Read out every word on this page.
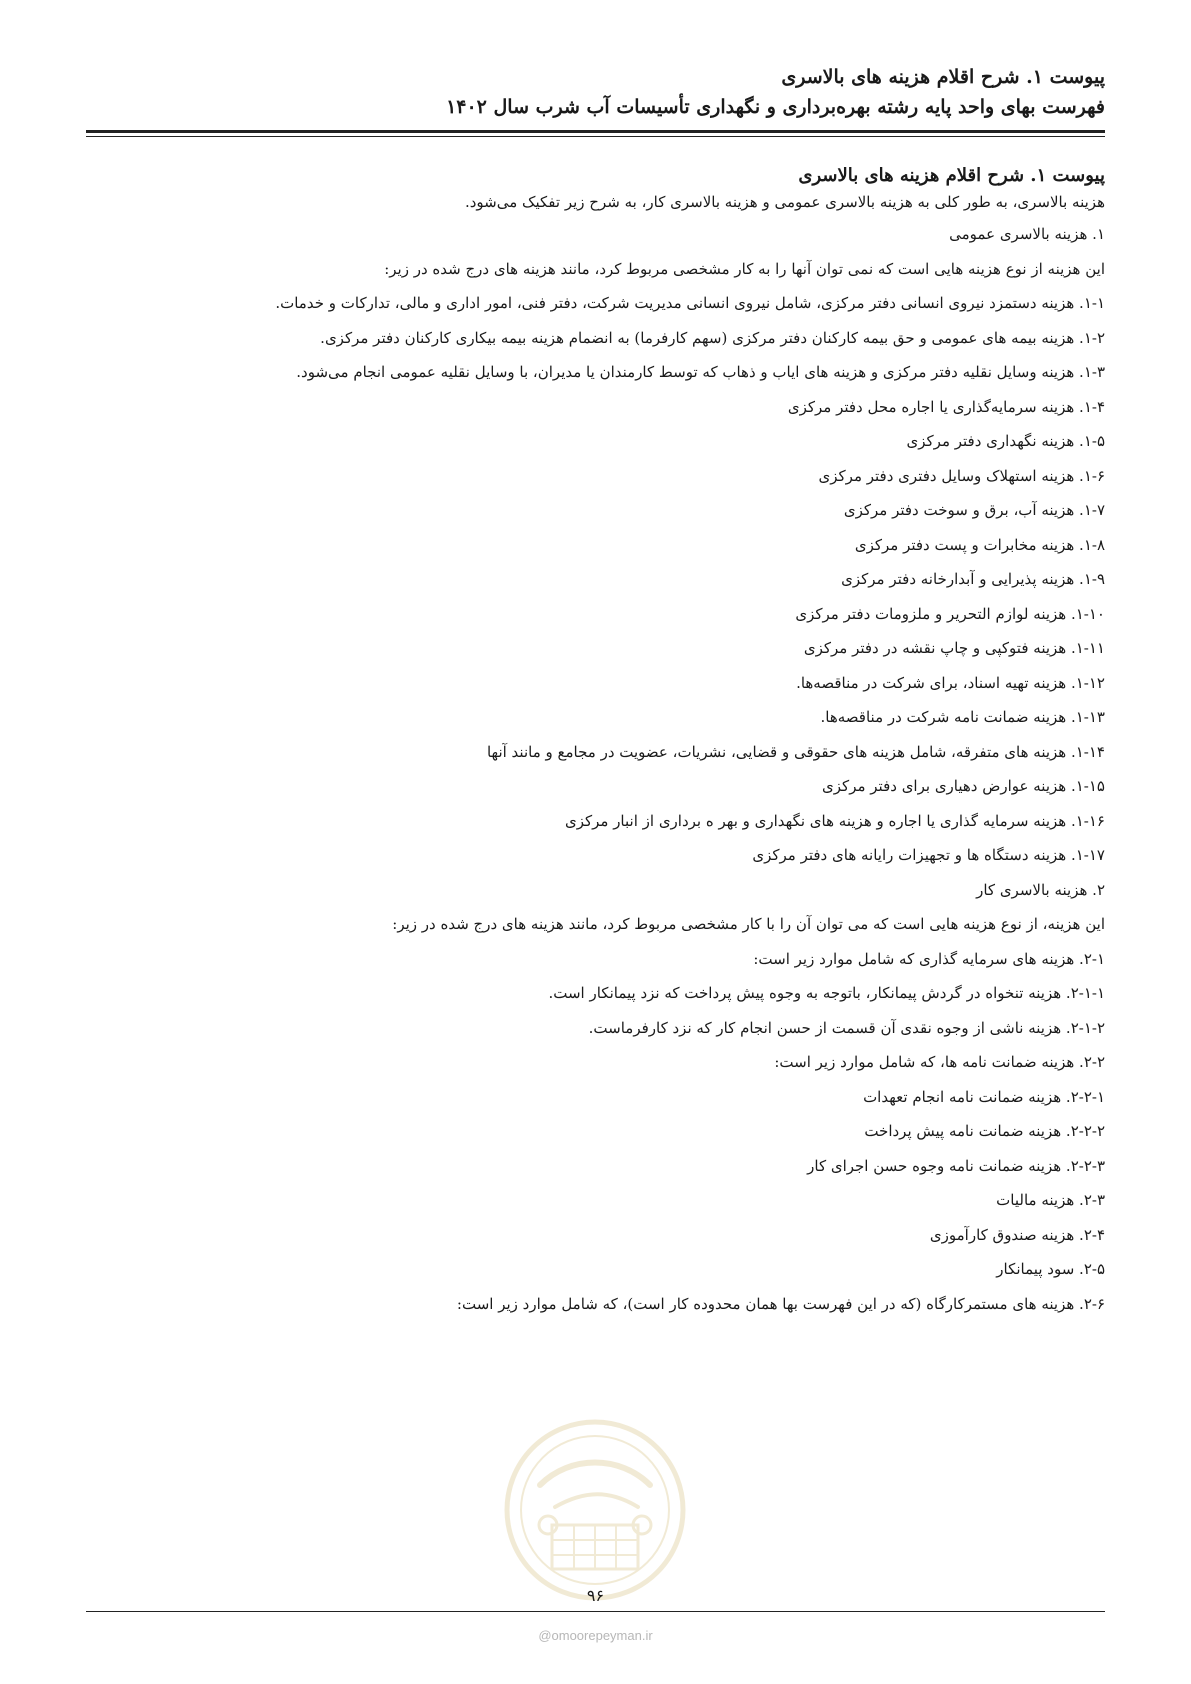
پیوست ۱. شرح اقلام هزینه های بالاسری
فهرست بهای واحد پایه رشته بهره‌برداری و نگهداری تأسیسات آب شرب سال ۱۴۰۲
پیوست ۱. شرح اقلام هزینه های بالاسری
هزینه بالاسری، به طور کلی به هزینه بالاسری عمومی و هزینه بالاسری کار، به شرح زیر تفکیک می‌شود.
۱. هزینه بالاسری عمومی
این هزینه از نوع هزینه هایی است که نمی توان آنها را به کار مشخصی مربوط کرد، مانند هزینه های درج شده در زیر:
۱-۱. هزینه دستمزد نیروی انسانی دفتر مرکزی، شامل نیروی انسانی مدیریت شرکت، دفتر فنی، امور اداری و مالی، تدارکات و خدمات.
۱-۲. هزینه بیمه های عمومی و حق بیمه کارکنان دفتر مرکزی (سهم کارفرما) به انضمام هزینه بیمه بیکاری کارکنان دفتر مرکزی.
۱-۳. هزینه وسایل نقلیه دفتر مرکزی و هزینه های ایاب و ذهاب که توسط کارمندان یا مدیران، با وسایل نقلیه عمومی انجام می‌شود.
۱-۴. هزینه سرمایه‌گذاری یا اجاره محل دفتر مرکزی
۱-۵. هزینه نگهداری دفتر مرکزی
۱-۶. هزینه استهلاک وسایل دفتری دفتر مرکزی
۱-۷. هزینه آب، برق و سوخت دفتر مرکزی
۱-۸. هزینه مخابرات و پست دفتر مرکزی
۱-۹. هزینه پذیرایی و آبدارخانه دفتر مرکزی
۱-۱۰. هزینه لوازم التحریر و ملزومات دفتر مرکزی
۱-۱۱. هزینه فتوکپی و چاپ نقشه در دفتر مرکزی
۱-۱۲. هزینه تهیه اسناد، برای شرکت در مناقصه‌ها.
۱-۱۳. هزینه ضمانت نامه شرکت در مناقصه‌ها.
۱-۱۴. هزینه های متفرقه، شامل هزینه های حقوقی و قضایی، نشریات، عضویت در مجامع و مانند آنها
۱-۱۵. هزینه عوارض دهیاری برای دفتر مرکزی
۱-۱۶. هزینه سرمایه گذاری یا اجاره و هزینه های نگهداری و بهر ه برداری از انبار مرکزی
۱-۱۷. هزینه دستگاه ها و تجهیزات رایانه های دفتر مرکزی
۲. هزینه بالاسری کار
این هزینه، از نوع هزینه هایی است که می توان آن را با کار مشخصی مربوط کرد، مانند هزینه های درج شده در زیر:
۲-۱. هزینه های سرمایه گذاری که شامل موارد زیر است:
۲-۱-۱. هزینه تنخواه در گردش پیمانکار، باتوجه به وجوه پیش پرداخت که نزد پیمانکار است.
۲-۱-۲. هزینه ناشی از وجوه نقدی آن قسمت از حسن انجام کار که نزد کارفرماست.
۲-۲. هزینه ضمانت نامه ها، که شامل موارد زیر است:
۲-۲-۱. هزینه ضمانت نامه انجام تعهدات
۲-۲-۲. هزینه ضمانت نامه پیش پرداخت
۲-۲-۳. هزینه ضمانت نامه وجوه حسن اجرای کار
۲-۳. هزینه مالیات
۲-۴. هزینه صندوق کارآموزی
۲-۵. سود پیمانکار
۲-۶. هزینه های مستمرکارگاه (که در این فهرست بها همان محدوده کار است)، که شامل موارد زیر است:
۹۶
@omoorepeyman.ir
